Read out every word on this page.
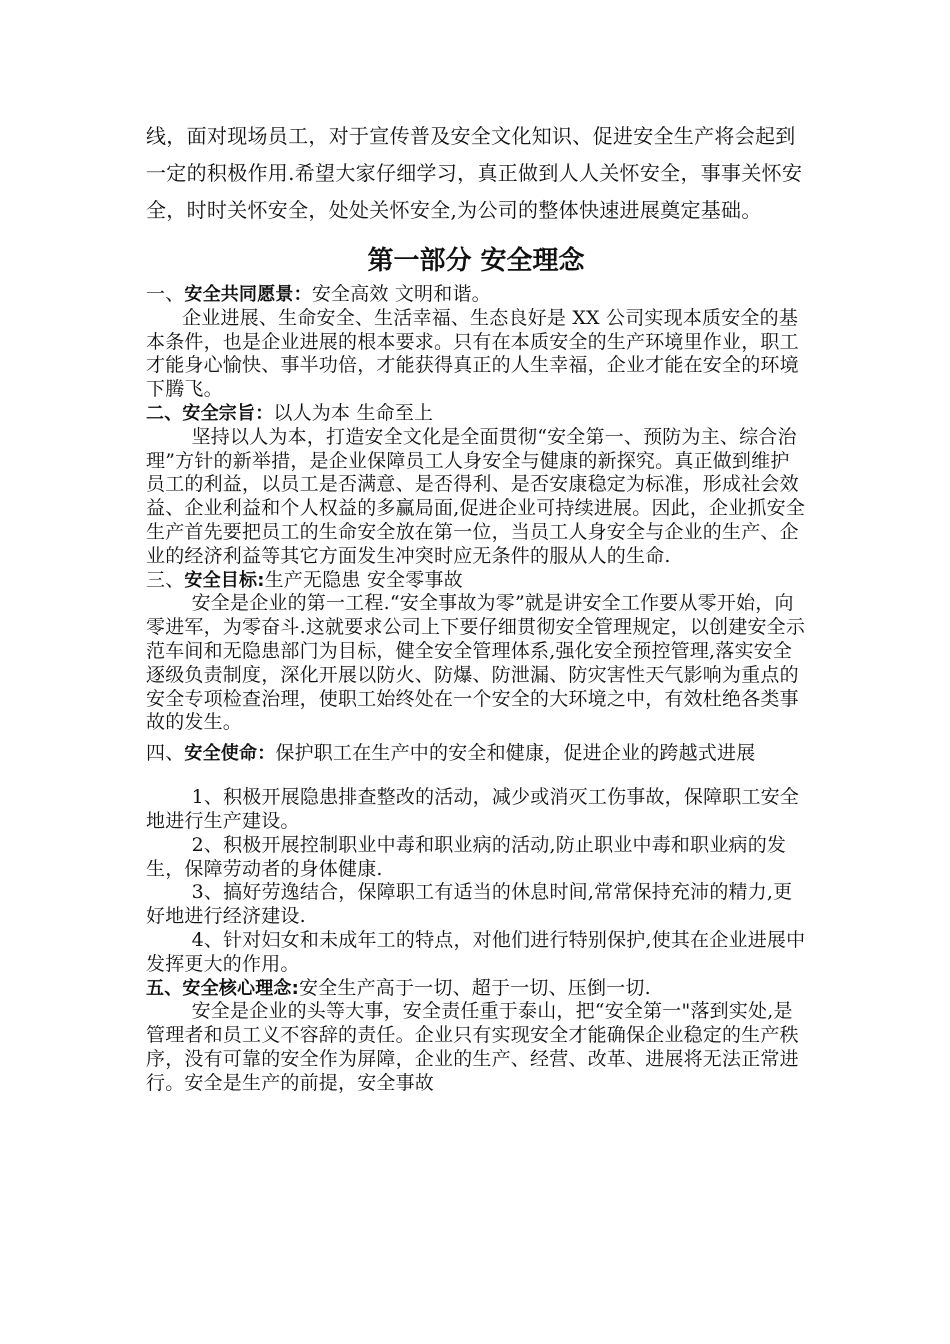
线，面对现场员工，对于宣传普及安全文化知识、促进安全生产将会起到一定的积极作用.希望大家仔细学习，真正做到人人关怀安全，事事关怀安全，时时关怀安全，处处关怀安全,为公司的整体快速进展奠定基础。

第一部分 安全理念

一、安全共同愿景：安全高效 文明和谐。

企业进展、生命安全、生活幸福、生态良好是 XX 公司实现本质安全的基本条件，也是企业进展的根本要求。只有在本质安全的生产环境里作业，职工才能身心愉快、事半功倍，才能获得真正的人生幸福，企业才能在安全的环境下腾飞。

二、安全宗旨：以人为本 生命至上

坚持以人为本，打造安全文化是全面贯彻“安全第一、预防为主、综合治理”方针的新举措，是企业保障员工人身安全与健康的新探究。真正做到维护员工的利益，以员工是否满意、是否得利、是否安康稳定为标准，形成社会效益、企业利益和个人权益的多赢局面,促进企业可持续进展。因此，企业抓安全生产首先要把员工的生命安全放在第一位，当员工人身安全与企业的生产、企业的经济利益等其它方面发生冲突时应无条件的服从人的生命.

三、安全目标:生产无隐患 安全零事故

安全是企业的第一工程.“安全事故为零”就是讲安全工作要从零开始，向零进军，为零奋斗.这就要求公司上下要仔细贯彻安全管理规定，以创建安全示范车间和无隐患部门为目标，健全安全管理体系,强化安全预控管理,落实安全逐级负责制度，深化开展以防火、防爆、防泄漏、防灾害性天气影响为重点的安全专项检查治理，使职工始终处在一个安全的大环境之中，有效杜绝各类事故的发生。

四、安全使命：保护职工在生产中的安全和健康，促进企业的跨越式进展

1、积极开展隐患排查整改的活动，减少或消灭工伤事故，保障职工安全地进行生产建设。

2、积极开展控制职业中毒和职业病的活动,防止职业中毒和职业病的发生，保障劳动者的身体健康.

3、搞好劳逸结合，保障职工有适当的休息时间,常常保持充沛的精力,更好地进行经济建设.

4、针对妇女和未成年工的特点，对他们进行特别保护,使其在企业进展中发挥更大的作用。

五、安全核心理念:安全生产高于一切、超于一切、压倒一切.

安全是企业的头等大事，安全责任重于泰山，把“安全第一"落到实处,是管理者和员工义不容辞的责任。企业只有实现安全才能确保企业稳定的生产秩序，没有可靠的安全作为屏障，企业的生产、经营、改革、进展将无法正常进行。安全是生产的前提，安全事故
